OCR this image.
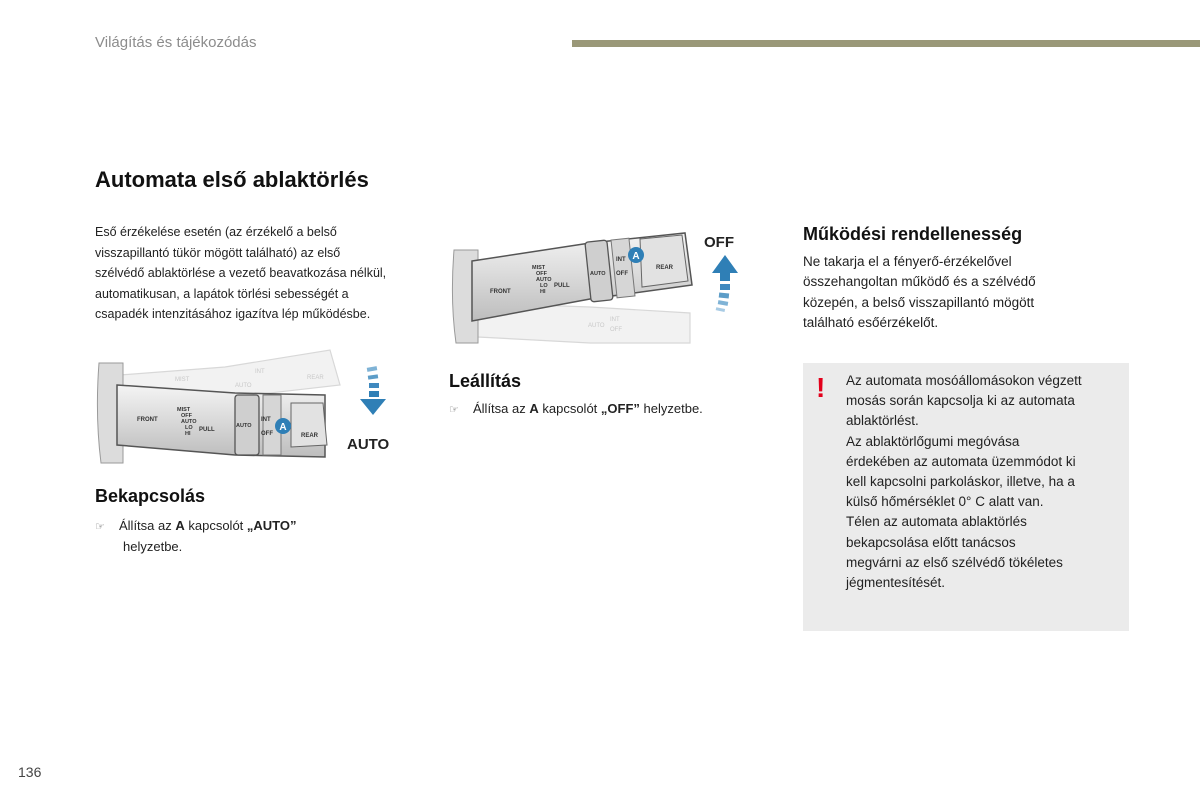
Világítás és tájékozódás
Automata első ablaktörlés
Eső érzékelése esetén (az érzékelő a belső
visszapillantó tükör mögött található) az első
szélvédő ablaktörlése a vezető beavatkozása nélkül,
automatikusan, a lapátok törlési sebességét a
csapadék intenzitásához igazítva lép működésbe.
MIST
INT
AUTO
REAR
MIST
OFF
AUTO
LO
HI
FRONT
PULL
AUTO
INT
OFF	REAR
A
AUTO
INT
OFF
AUTO
MIST
OFF
AUTO
LO
HI
FRONT
PULL
AUTO
INT
OFF
REAR
A
OFF
Bekapcsolás
☞ Állítsa az A kapcsolót „AUTO”
helyzetbe.
Leállítás
☞ Állítsa az A kapcsolót „OFF” helyzetbe.
Működési rendellenesség
Ne takarja el a fényerő-érzékelővel
összehangoltan működő és a szélvédő
közepén, a belső visszapillantó mögött
található esőérzékelőt.
! Az automata mosóállomásokon végzett
mosás során kapcsolja ki az automata
ablaktörlést.
Az ablaktörlőgumi megóvása
érdekében az automata üzemmódot ki
kell kapcsolni parkoláskor, illetve, ha a
külső hőmérséklet 0° C alatt van.
Télen az automata ablaktörlés
bekapcsolása előtt tanácsos
megvárni az első szélvédő tökéletes
jégmentesítését.
136
